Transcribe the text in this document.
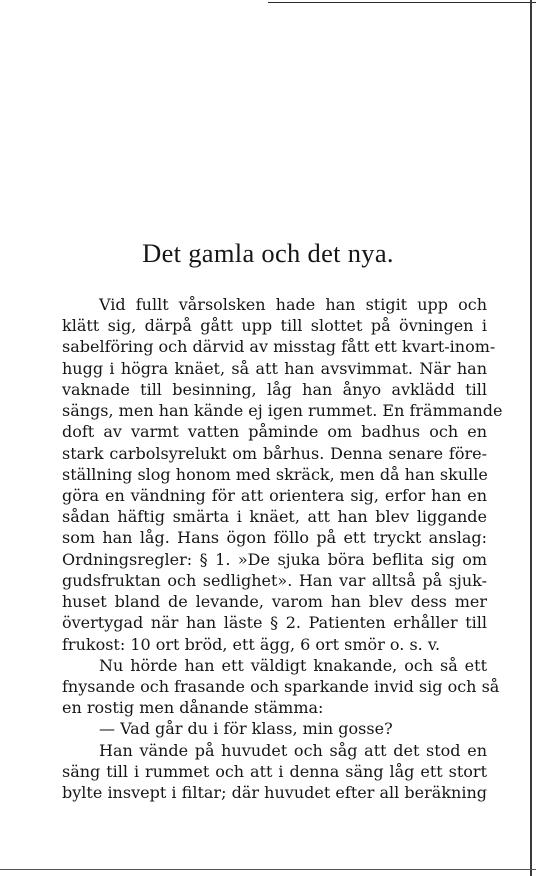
Det gamla och det nya.
Vid fullt vårsolsken hade han stigit upp och
klätt sig, därpå gått upp till slottet på övningen i
sabelföring och därvid av misstag fått ett kvart-inom-
hugg i högra knäet, så att han avsvimmat. När han
vaknade till besinning, låg han ånyo avklädd till
sängs, men han kände ej igen rummet. En främmande
doft av varmt vatten påminde om badhus och en
stark carbolsyrelukt om bårhus. Denna senare före-
ställning slog honom med skräck, men då han skulle
göra en vändning för att orientera sig, erfor han en
sådan häftig smärta i knäet, att han blev liggande
som han låg. Hans ögon föllo på ett tryckt anslag:
Ordningsregler: § 1. »De sjuka böra beflita sig om
gudsfruktan och sedlighet». Han var alltså på sjuk-
huset bland de levande, varom han blev dess mer
övertygad när han läste § 2. Patienten erhåller till
frukost: 10 ort bröd, ett ägg, 6 ort smör o. s. v.
Nu hörde han ett väldigt knakande, och så ett
fnysande och frasande och sparkande invid sig och så
en rostig men dånande stämma:
— Vad går du i för klass, min gosse?
Han vände på huvudet och såg att det stod en
säng till i rummet och att i denna säng låg ett stort
bylte insvept i filtar; där huvudet efter all beräkning
